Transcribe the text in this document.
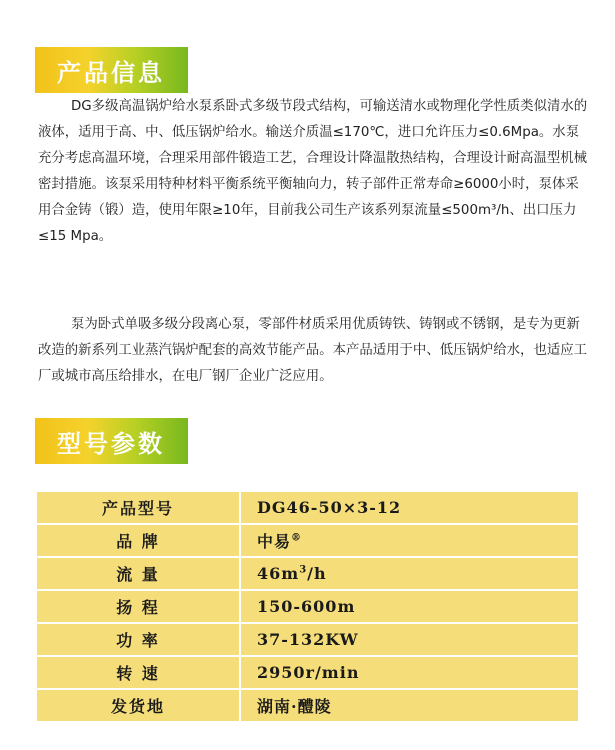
产品信息

DG多级高温锅炉给水泵系卧式多级节段式结构，可输送清水或物理化学性质类似清水的液体，适用于高、中、低压锅炉给水。输送介质温≤170℃，进口允许压力≤0.6Mpa。水泵充分考虑高温环境，合理采用部件锻造工艺，合理设计降温散热结构，合理设计耐高温型机械密封措施。该泵采用特种材料平衡系统平衡轴向力，转子部件正常寿命≥6000小时，泵体采用合金铸（锻）造，使用年限≥10年，目前我公司生产该系列泵流量≤500m³/h、出口压力≤15 Mpa。

泵为卧式单吸多级分段离心泵，零部件材质采用优质铸铁、铸钢或不锈钢，是专为更新改造的新系列工业蒸汽锅炉配套的高效节能产品。本产品适用于中、低压锅炉给水，也适应工厂或城市高压给排水，在电厂钢厂企业广泛应用。

型号参数
产品型号	DG46-50×3-12
品 牌	中易®
流 量	$46m^3/h$
扬 程	150-600m
功 率	37-132KW
转 速	2950r/min
发货地	湖南·醴陵
